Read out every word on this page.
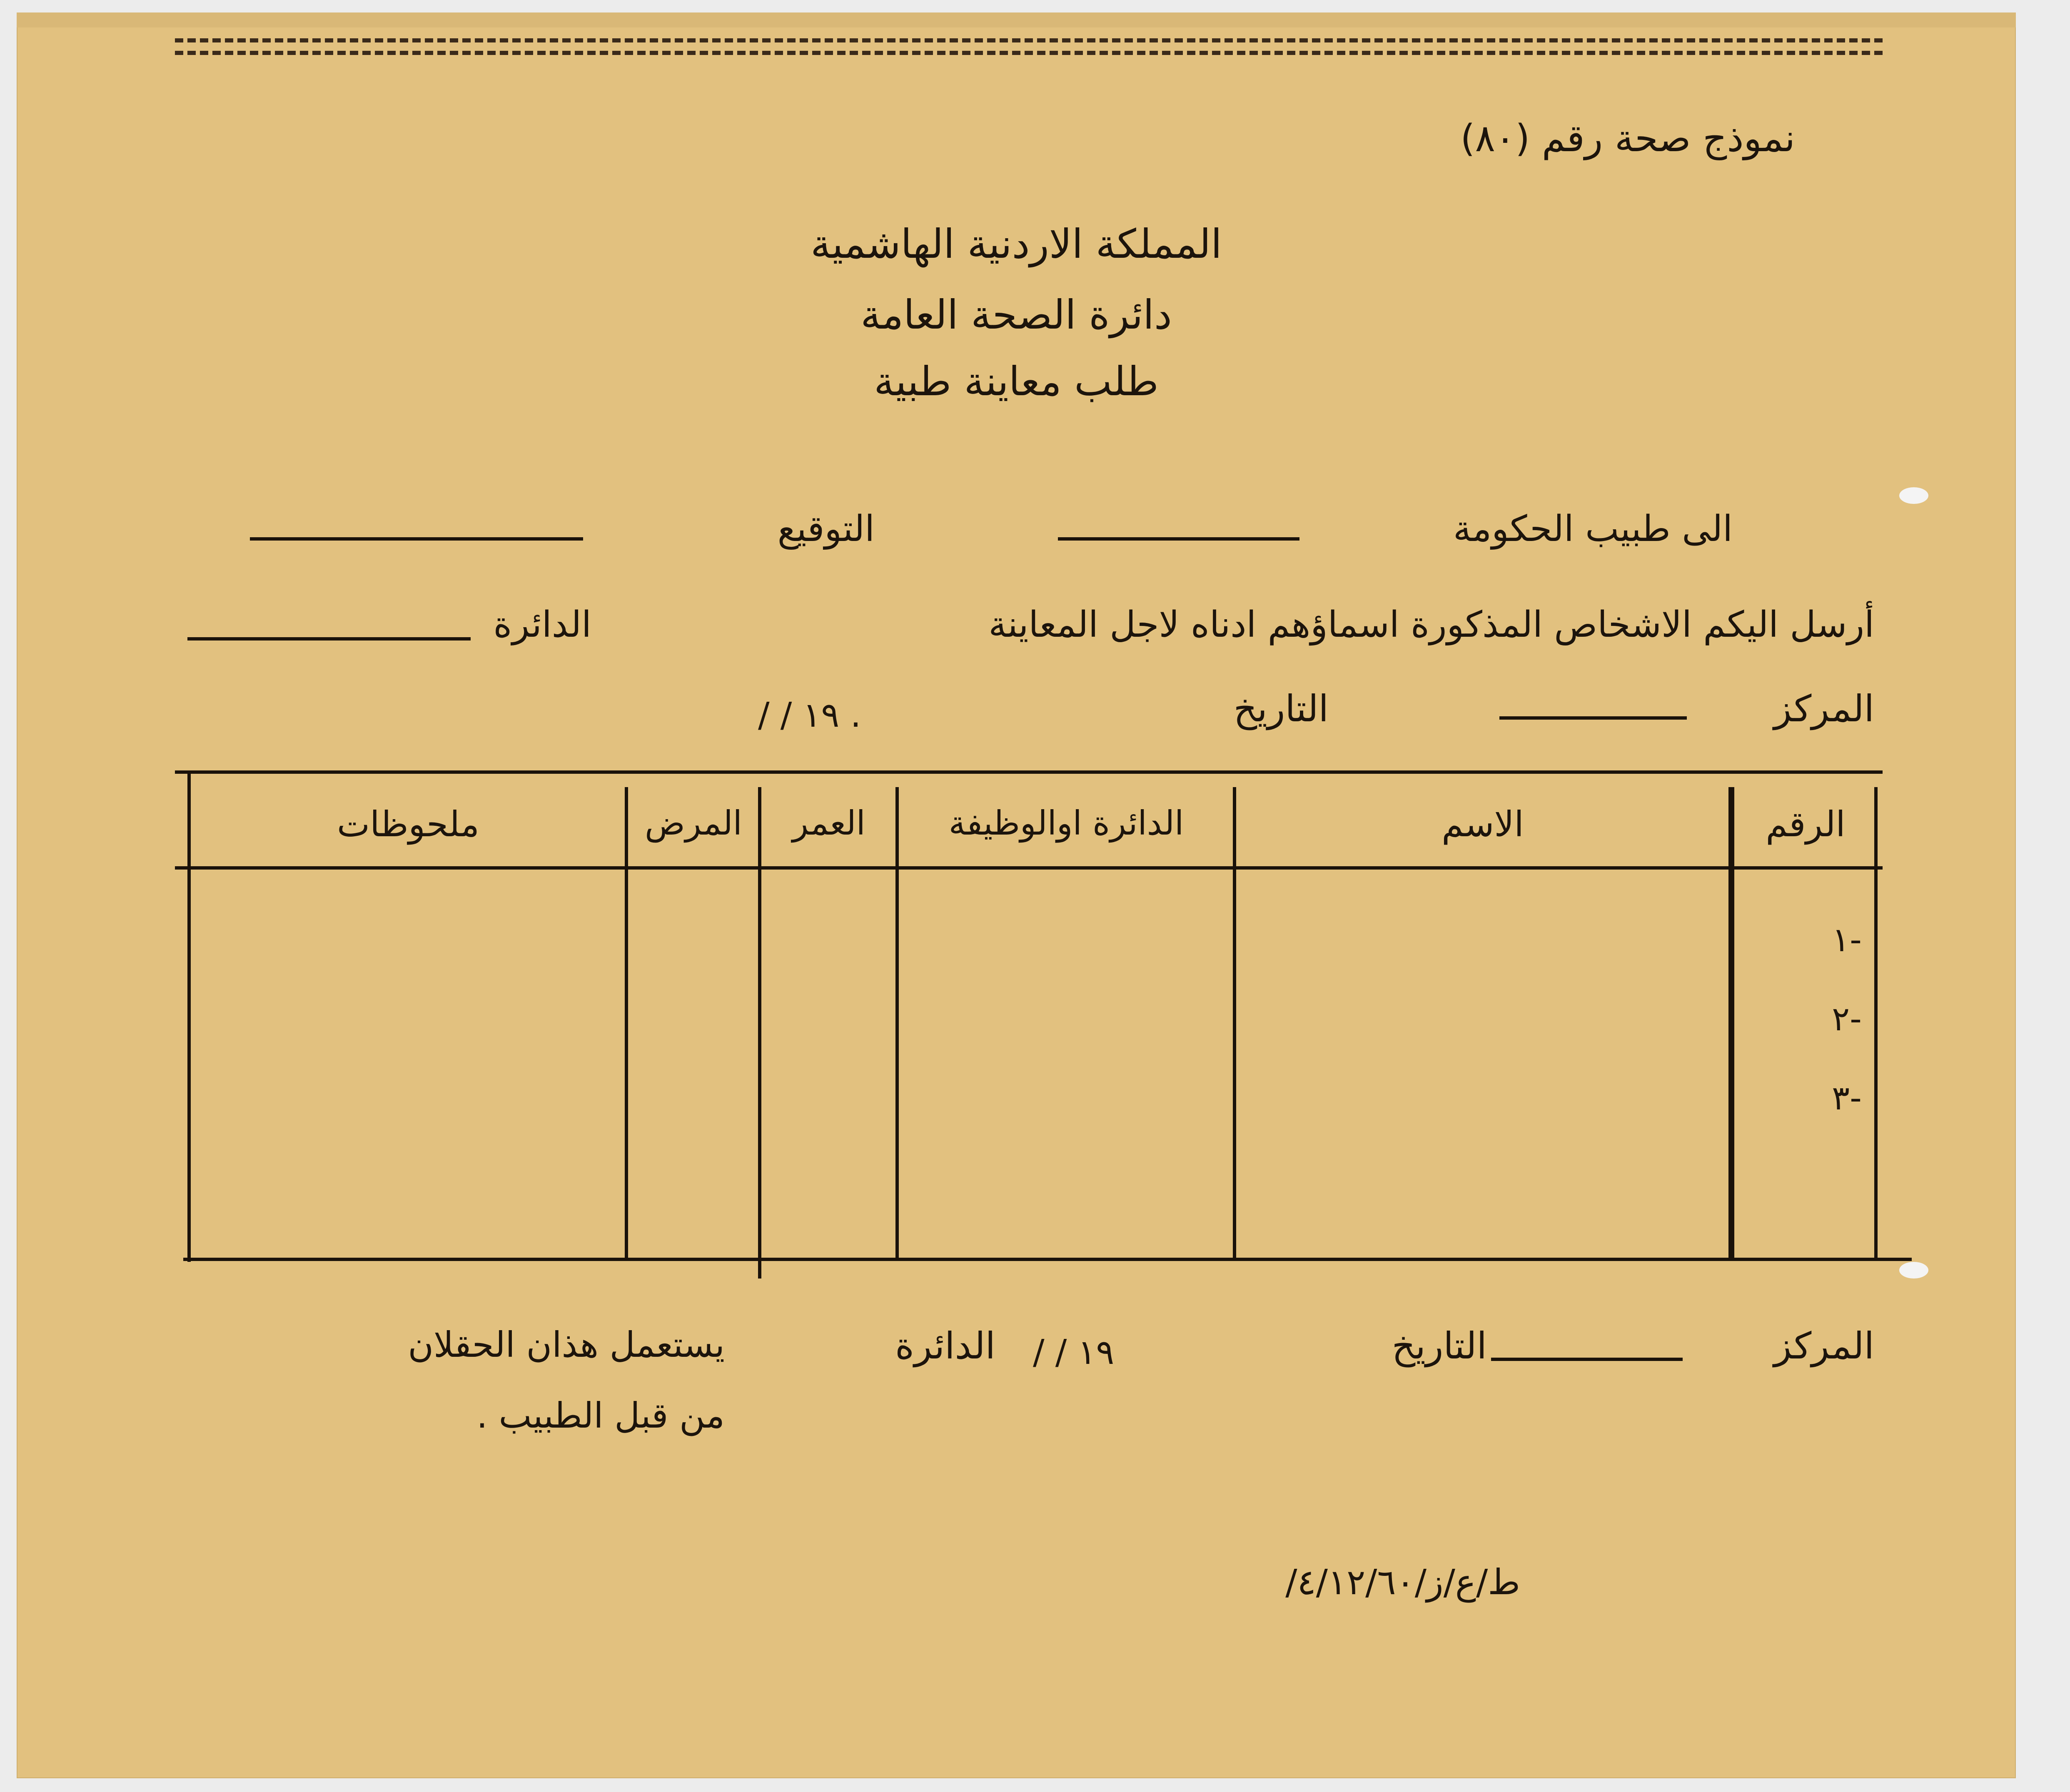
نموذج صحة رقم (٨٠)
المملكة الاردنية الهاشمية
دائرة الصحة العامة
طلب معاينة طبية
الى طبيب الحكومة
التوقيع
أرسل اليكم الاشخاص المذكورة اسماؤهم ادناه لاجل المعاينة
الدائرة
المركز
التاريخ
/ / ١٩ .
الرقم
الاسم
الدائرة اوالوظيفة
العمر
المرض
ملحوظات
١-
٢-
٣-
المركز
التاريخ
/ / ١٩
الدائرة
يستعمل هذان الحقلان
من قبل الطبيب .
ط/ع/ز/٤/١٢/٦٠/
